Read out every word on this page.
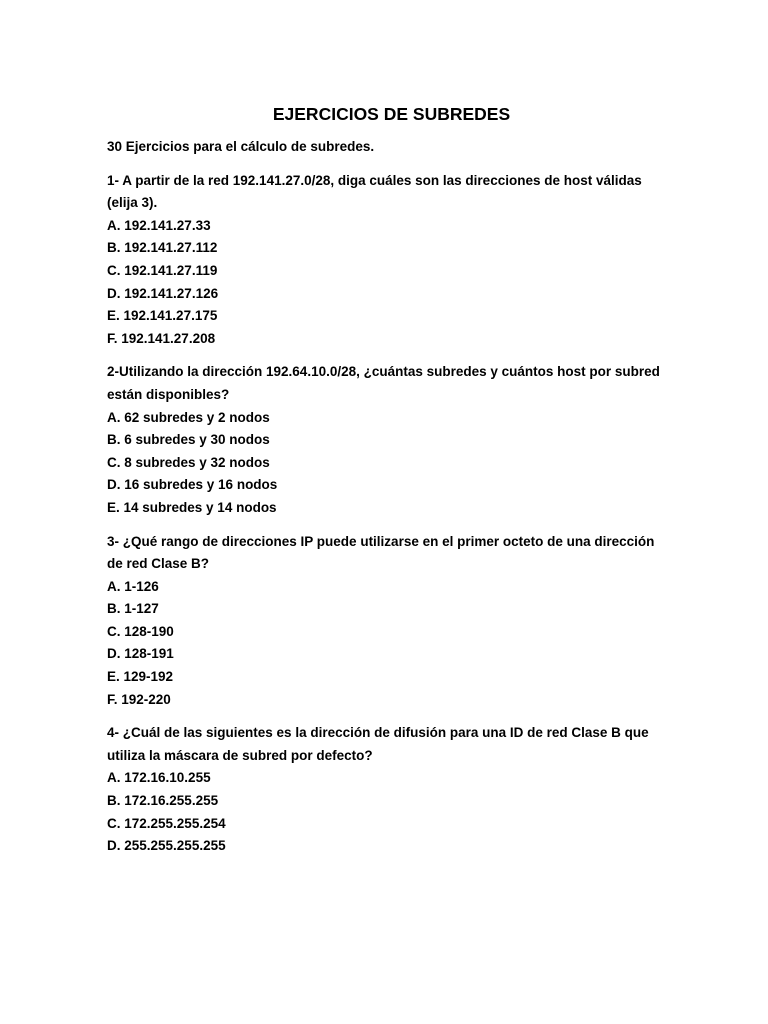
EJERCICIOS DE SUBREDES

30 Ejercicios para el cálculo de subredes.

1- A partir de la red 192.141.27.0/28, diga cuáles son las direcciones de host válidas (elija 3).

A. 192.141.27.33
B. 192.141.27.112
C. 192.141.27.119
D. 192.141.27.126
E. 192.141.27.175
F. 192.141.27.208

2-Utilizando la dirección 192.64.10.0/28, ¿cuántas subredes y cuántos host por subred están disponibles?

A. 62 subredes y 2 nodos
B. 6 subredes y 30 nodos
C. 8 subredes y 32 nodos
D. 16 subredes y 16 nodos
E. 14 subredes y 14 nodos

3- ¿Qué rango de direcciones IP puede utilizarse en el primer octeto de una dirección de red Clase B?

A. 1-126
B. 1-127
C. 128-190
D. 128-191
E. 129-192
F. 192-220

4- ¿Cuál de las siguientes es la dirección de difusión para una ID de red Clase B que utiliza la máscara de subred por defecto?

A. 172.16.10.255
B. 172.16.255.255
C. 172.255.255.254
D. 255.255.255.255
